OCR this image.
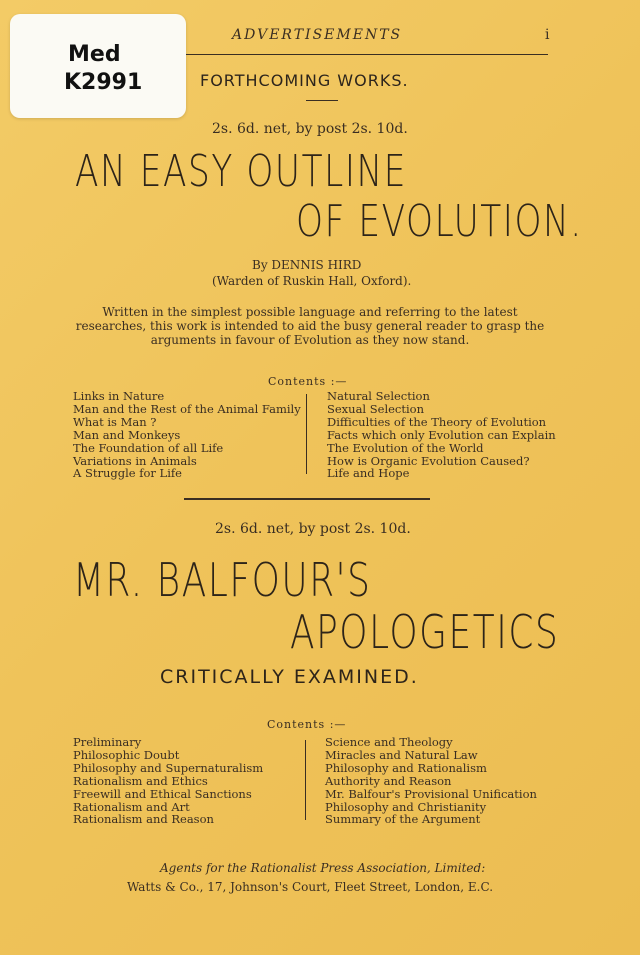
Med
K2991
ADVERTISEMENTS	i
FORTHCOMING WORKS.
2s. 6d. net, by post 2s. 10d.
AN EASY OUTLINE
OF EVOLUTION.
By DENNIS HIRD
(Warden of Ruskin Hall, Oxford).
Written in the simplest possible language and referring to the latest researches, this work is intended to aid the busy general reader to grasp the arguments in favour of Evolution as they now stand.
Contents :—
Links in Nature
Man and the Rest of the Animal Family
What is Man ?
Man and Monkeys
The Foundation of all Life
Variations in Animals
A Struggle for Life
Natural Selection
Sexual Selection
Difficulties of the Theory of Evolution
Facts which only Evolution can Explain
The Evolution of the World
How is Organic Evolution Caused?
Life and Hope
2s. 6d. net, by post 2s. 10d.
MR. BALFOUR'S
APOLOGETICS
CRITICALLY EXAMINED.
Contents :—
Preliminary
Philosophic Doubt
Philosophy and Supernaturalism
Rationalism and Ethics
Freewill and Ethical Sanctions
Rationalism and Art
Rationalism and Reason
Science and Theology
Miracles and Natural Law
Philosophy and Rationalism
Authority and Reason
Mr. Balfour's Provisional Unification
Philosophy and Christianity
Summary of the Argument
Agents for the Rationalist Press Association, Limited:
Watts & Co., 17, Johnson's Court, Fleet Street, London, E.C.
